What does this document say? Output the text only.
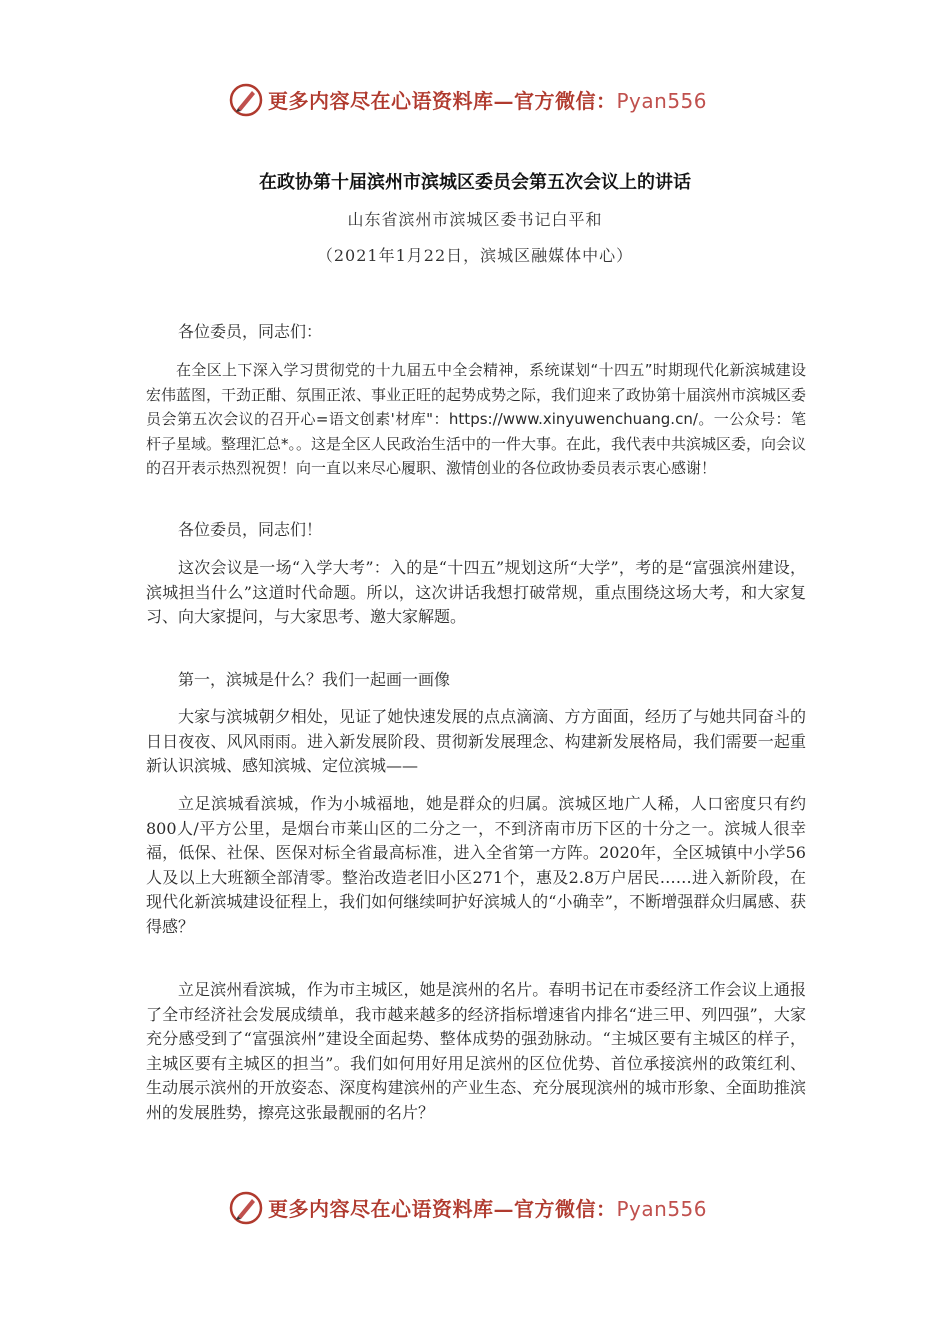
更多内容尽在心语资料库—官方微信：Pyan556
在政协第十届滨州市滨城区委员会第五次会议上的讲话
山东省滨州市滨城区委书记白平和
（2021年1月22日，滨城区融媒体中心）

各位委员，同志们：

在全区上下深入学习贯彻党的十九届五中全会精神，系统谋划“十四五”时期现代化新滨城建设宏伟蓝图，干劲正酣、氛围正浓、事业正旺的起势成势之际，我们迎来了政协第十届滨州市滨城区委员会第五次会议的召开心=语文创素'材库"：https://www.xinyuwenchuang.cn/。一公众号：笔杆子星域。整理汇总*。。这是全区人民政治生活中的一件大事。在此，我代表中共滨城区委，向会议的召开表示热烈祝贺！向一直以来尽心履职、激情创业的各位政协委员表示衷心感谢！

各位委员，同志们！

这次会议是一场“入学大考”：入的是“十四五”规划这所“大学”，考的是“富强滨州建设，滨城担当什么”这道时代命题。所以，这次讲话我想打破常规，重点围绕这场大考，和大家复习、向大家提问，与大家思考、邀大家解题。

第一，滨城是什么？我们一起画一画像

大家与滨城朝夕相处，见证了她快速发展的点点滴滴、方方面面，经历了与她共同奋斗的日日夜夜、风风雨雨。进入新发展阶段、贯彻新发展理念、构建新发展格局，我们需要一起重新认识滨城、感知滨城、定位滨城——

立足滨城看滨城，作为小城福地，她是群众的归属。滨城区地广人稀，人口密度只有约800人/平方公里，是烟台市莱山区的二分之一，不到济南市历下区的十分之一。滨城人很幸福，低保、社保、医保对标全省最高标准，进入全省第一方阵。2020年，全区城镇中小学56人及以上大班额全部清零。整治改造老旧小区271个，惠及2.8万户居民……进入新阶段，在现代化新滨城建设征程上，我们如何继续呵护好滨城人的“小确幸”，不断增强群众归属感、获得感？

立足滨州看滨城，作为市主城区，她是滨州的名片。春明书记在市委经济工作会议上通报了全市经济社会发展成绩单，我市越来越多的经济指标增速省内排名“进三甲、列四强”，大家充分感受到了“富强滨州”建设全面起势、整体成势的强劲脉动。“主城区要有主城区的样子，主城区要有主城区的担当”。我们如何用好用足滨州的区位优势、首位承接滨州的政策红利、生动展示滨州的开放姿态、深度构建滨州的产业生态、充分展现滨州的城市形象、全面助推滨州的发展胜势，擦亮这张最靓丽的名片？

更多内容尽在心语资料库—官方微信：Pyan556
